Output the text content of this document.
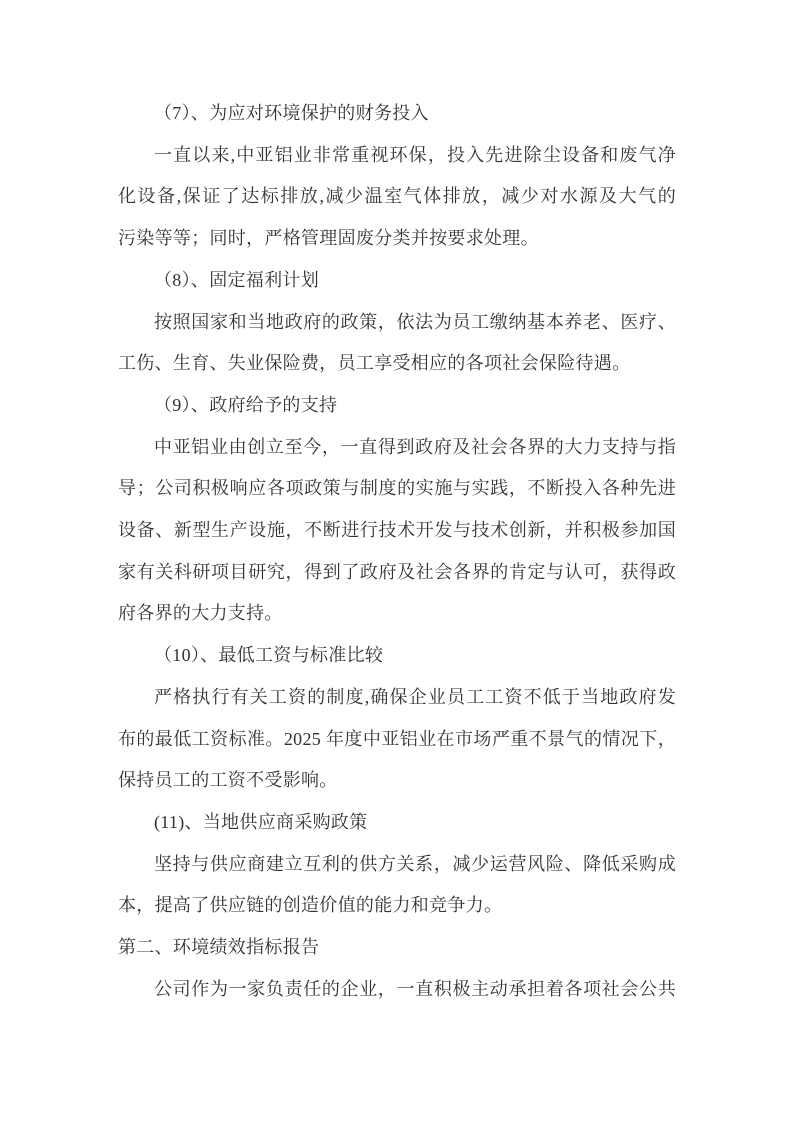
（7）、为应对环境保护的财务投入
一直以来,中亚铝业非常重视环保，投入先进除尘设备和废气净
化设备,保证了达标排放,减少温室气体排放，减少对水源及大气的
污染等等；同时，严格管理固废分类并按要求处理。
（8）、固定福利计划
按照国家和当地政府的政策，依法为员工缴纳基本养老、医疗、
工伤、生育、失业保险费，员工享受相应的各项社会保险待遇。
（9）、政府给予的支持
中亚铝业由创立至今，一直得到政府及社会各界的大力支持与指
导；公司积极响应各项政策与制度的实施与实践，不断投入各种先进
设备、新型生产设施，不断进行技术开发与技术创新，并积极参加国
家有关科研项目研究，得到了政府及社会各界的肯定与认可，获得政
府各界的大力支持。
（10）、最低工资与标准比较
严格执行有关工资的制度,确保企业员工工资不低于当地政府发
布的最低工资标准。2025 年度中亚铝业在市场严重不景气的情况下，
保持员工的工资不受影响。
(11)、当地供应商采购政策
坚持与供应商建立互利的供方关系，减少运营风险、降低采购成
本，提高了供应链的创造价值的能力和竞争力。
第二、环境绩效指标报告
公司作为一家负责任的企业，一直积极主动承担着各项社会公共
